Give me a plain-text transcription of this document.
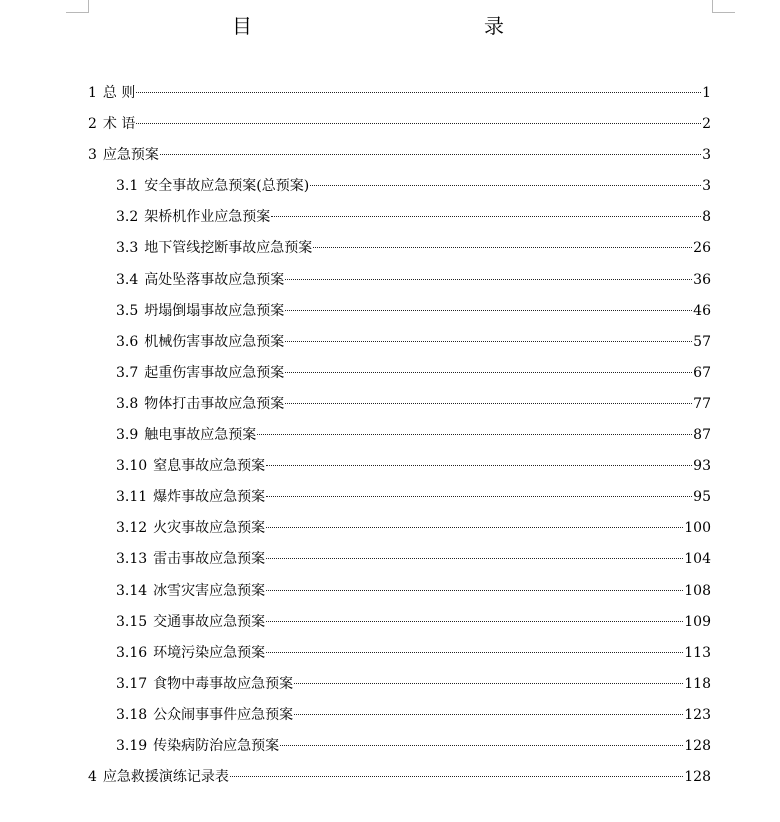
目　　录
1 总 则	1
2 术 语	2
3 应急预案	3
3.1 安全事故应急预案(总预案)	3
3.2 架桥机作业应急预案	8
3.3 地下管线挖断事故应急预案	26
3.4 高处坠落事故应急预案	36
3.5 坍塌倒塌事故应急预案	46
3.6 机械伤害事故应急预案	57
3.7 起重伤害事故应急预案	67
3.8 物体打击事故应急预案	77
3.9 触电事故应急预案	87
3.10 窒息事故应急预案	93
3.11 爆炸事故应急预案	95
3.12 火灾事故应急预案	100
3.13 雷击事故应急预案	104
3.14 冰雪灾害应急预案	108
3.15 交通事故应急预案	109
3.16 环境污染应急预案	113
3.17 食物中毒事故应急预案	118
3.18 公众闹事事件应急预案	123
3.19 传染病防治应急预案	128
4 应急救援演练记录表	128
